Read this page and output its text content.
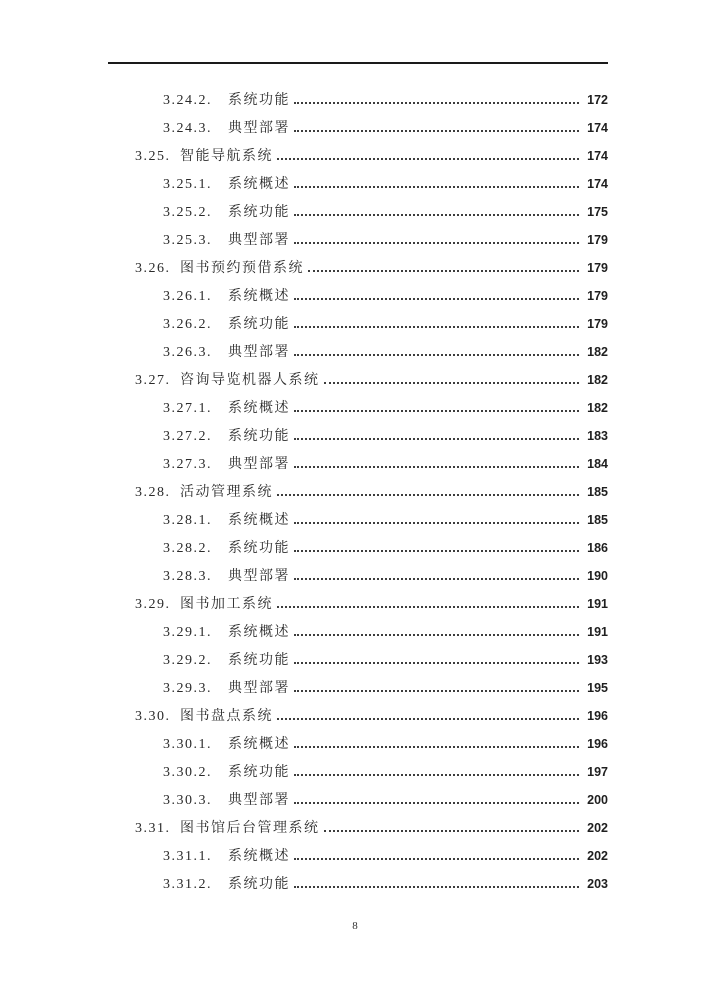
3.24.2.	系统功能	172
3.24.3.	典型部署	174
3.25. 智能导航系统	174
3.25.1.	系统概述	174
3.25.2.	系统功能	175
3.25.3.	典型部署	179
3.26. 图书预约预借系统	179
3.26.1.	系统概述	179
3.26.2.	系统功能	179
3.26.3.	典型部署	182
3.27. 咨询导览机器人系统	182
3.27.1.	系统概述	182
3.27.2.	系统功能	183
3.27.3.	典型部署	184
3.28. 活动管理系统	185
3.28.1.	系统概述	185
3.28.2.	系统功能	186
3.28.3.	典型部署	190
3.29. 图书加工系统	191
3.29.1.	系统概述	191
3.29.2.	系统功能	193
3.29.3.	典型部署	195
3.30. 图书盘点系统	196
3.30.1.	系统概述	196
3.30.2.	系统功能	197
3.30.3.	典型部署	200
3.31. 图书馆后台管理系统	202
3.31.1.	系统概述	202
3.31.2.	系统功能	203
8
